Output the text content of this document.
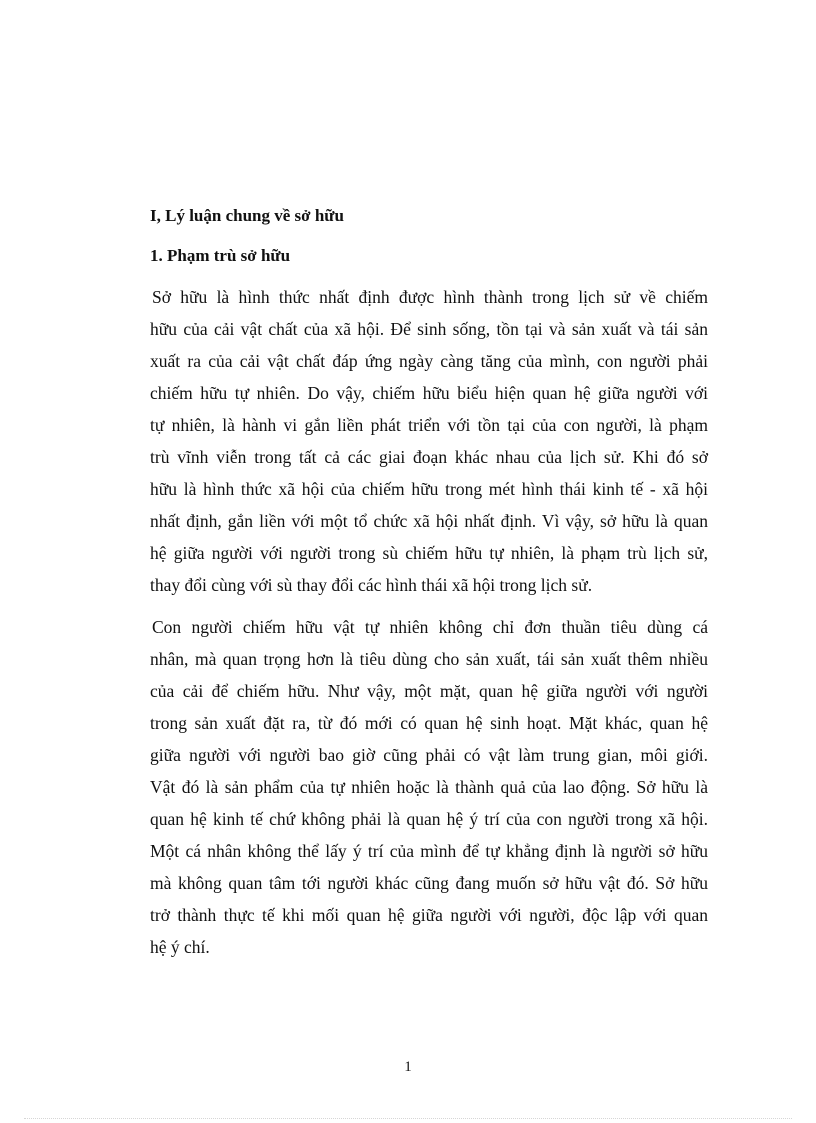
I, Lý luận chung về sở hữu
1. Phạm trù sở hữu
Sở hữu là hình thức nhất định được hình thành trong lịch sử về chiếm
hữu của cải vật chất của xã hội. Để sinh sống, tồn tại và sản xuất và tái sản
xuất ra của cải vật chất đáp ứng ngày càng tăng của mình, con người phải
chiếm hữu tự nhiên. Do vậy, chiếm hữu biểu hiện quan hệ giữa người với
tự nhiên, là hành vi gắn liền phát triển với tồn tại của con người, là phạm
trù vĩnh viễn trong tất cả các giai đoạn khác nhau của lịch sử. Khi đó sở
hữu là hình thức xã hội của chiếm hữu trong mét hình thái kinh tế - xã hội
nhất định, gắn liền với một tổ chức xã hội nhất định. Vì vậy, sở hữu là quan
hệ giữa người với người trong sù chiếm hữu tự nhiên, là phạm trù lịch sử,
thay đổi cùng với sù thay đổi các hình thái xã hội trong lịch sử.
Con người chiếm hữu vật tự nhiên không chỉ đơn thuần tiêu dùng cá
nhân, mà quan trọng hơn là tiêu dùng cho sản xuất, tái sản xuất thêm nhiều
của cải để chiếm hữu. Như vậy, một mặt, quan hệ giữa người với người
trong sản xuất đặt ra, từ đó mới có quan hệ sinh hoạt. Mặt khác, quan hệ
giữa người với người bao giờ cũng phải có vật làm trung gian, môi giới.
Vật đó là sản phẩm của tự nhiên hoặc là thành quả của lao động. Sở hữu là
quan hệ kinh tế chứ không phải là quan hệ ý trí của con người trong xã hội.
Một cá nhân không thể lấy ý trí của mình để tự khẳng định là người sở hữu
mà không quan tâm tới người khác cũng đang muốn sở hữu vật đó. Sở hữu
trở thành thực tế khi mối quan hệ giữa người với người, độc lập với quan
hệ ý chí.
1
